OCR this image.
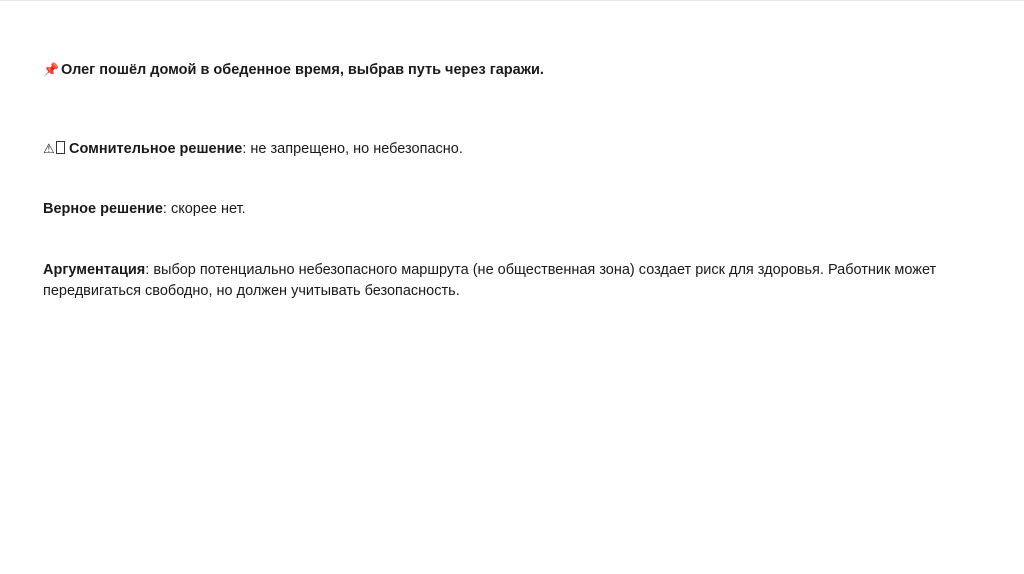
📌 Олег пошёл домой в обеденное время, выбрав путь через гаражи.
⚠ Сомнительное решение: не запрещено, но небезопасно.
Верное решение: скорее нет.
Аргументация: выбор потенциально небезопасного маршрута (не общественная зона) создает риск для здоровья. Работник может передвигаться свободно, но должен учитывать безопасность.
